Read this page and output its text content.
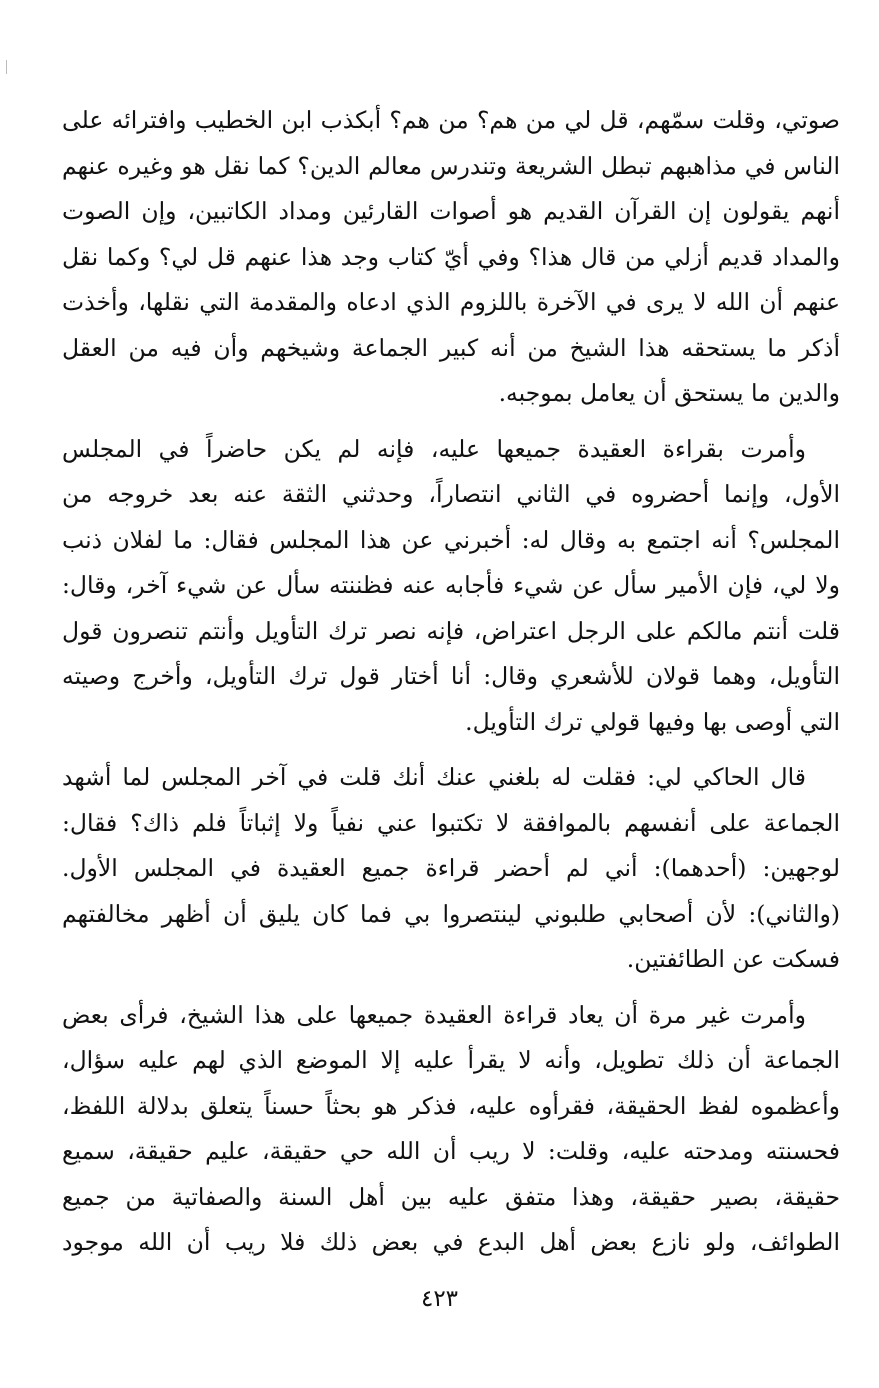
صوتي، وقلت سمّهم، قل لي من هم؟ من هم؟ أبكذب ابن الخطيب وافترائه على
الناس في مذاهبهم تبطل الشريعة وتندرس معالم الدين؟ كما نقل هو وغيره عنهم
أنهم يقولون إن القرآن القديم هو أصوات القارئين ومداد الكاتبين، وإن الصوت
والمداد قديم أزلي من قال هذا؟ وفي أيّ كتاب وجد هذا عنهم قل لي؟ وكما نقل
عنهم أن الله لا يرى في الآخرة باللزوم الذي ادعاه والمقدمة التي نقلها، وأخذت
أذكر ما يستحقه هذا الشيخ من أنه كبير الجماعة وشيخهم وأن فيه من العقل
والدين ما يستحق أن يعامل بموجبه.
وأمرت بقراءة العقيدة جميعها عليه، فإنه لم يكن حاضراً في المجلس
الأول، وإنما أحضروه في الثاني انتصاراً، وحدثني الثقة عنه بعد خروجه من
المجلس؟ أنه اجتمع به وقال له: أخبرني عن هذا المجلس فقال: ما لفلان ذنب
ولا لي، فإن الأمير سأل عن شيء فأجابه عنه فظننته سأل عن شيء آخر، وقال:
قلت أنتم مالكم على الرجل اعتراض، فإنه نصر ترك التأويل وأنتم تنصرون قول
التأويل، وهما قولان للأشعري وقال: أنا أختار قول ترك التأويل، وأخرج وصيته
التي أوصى بها وفيها قولي ترك التأويل.
قال الحاكي لي: فقلت له بلغني عنك أنك قلت في آخر المجلس لما أشهد
الجماعة على أنفسهم بالموافقة لا تكتبوا عني نفياً ولا إثباتاً فلم ذاك؟ فقال:
لوجهين: (أحدهما): أني لم أحضر قراءة جميع العقيدة في المجلس الأول.
(والثاني): لأن أصحابي طلبوني لينتصروا بي فما كان يليق أن أظهر مخالفتهم
فسكت عن الطائفتين.
وأمرت غير مرة أن يعاد قراءة العقيدة جميعها على هذا الشيخ، فرأى بعض
الجماعة أن ذلك تطويل، وأنه لا يقرأ عليه إلا الموضع الذي لهم عليه سؤال،
وأعظموه لفظ الحقيقة، فقرأوه عليه، فذكر هو بحثاً حسناً يتعلق بدلالة اللفظ،
فحسنته ومدحته عليه، وقلت: لا ريب أن الله حي حقيقة، عليم حقيقة، سميع
حقيقة، بصير حقيقة، وهذا متفق عليه بين أهل السنة والصفاتية من جميع
الطوائف، ولو نازع بعض أهل البدع في بعض ذلك فلا ريب أن الله موجود
٤٢٣
